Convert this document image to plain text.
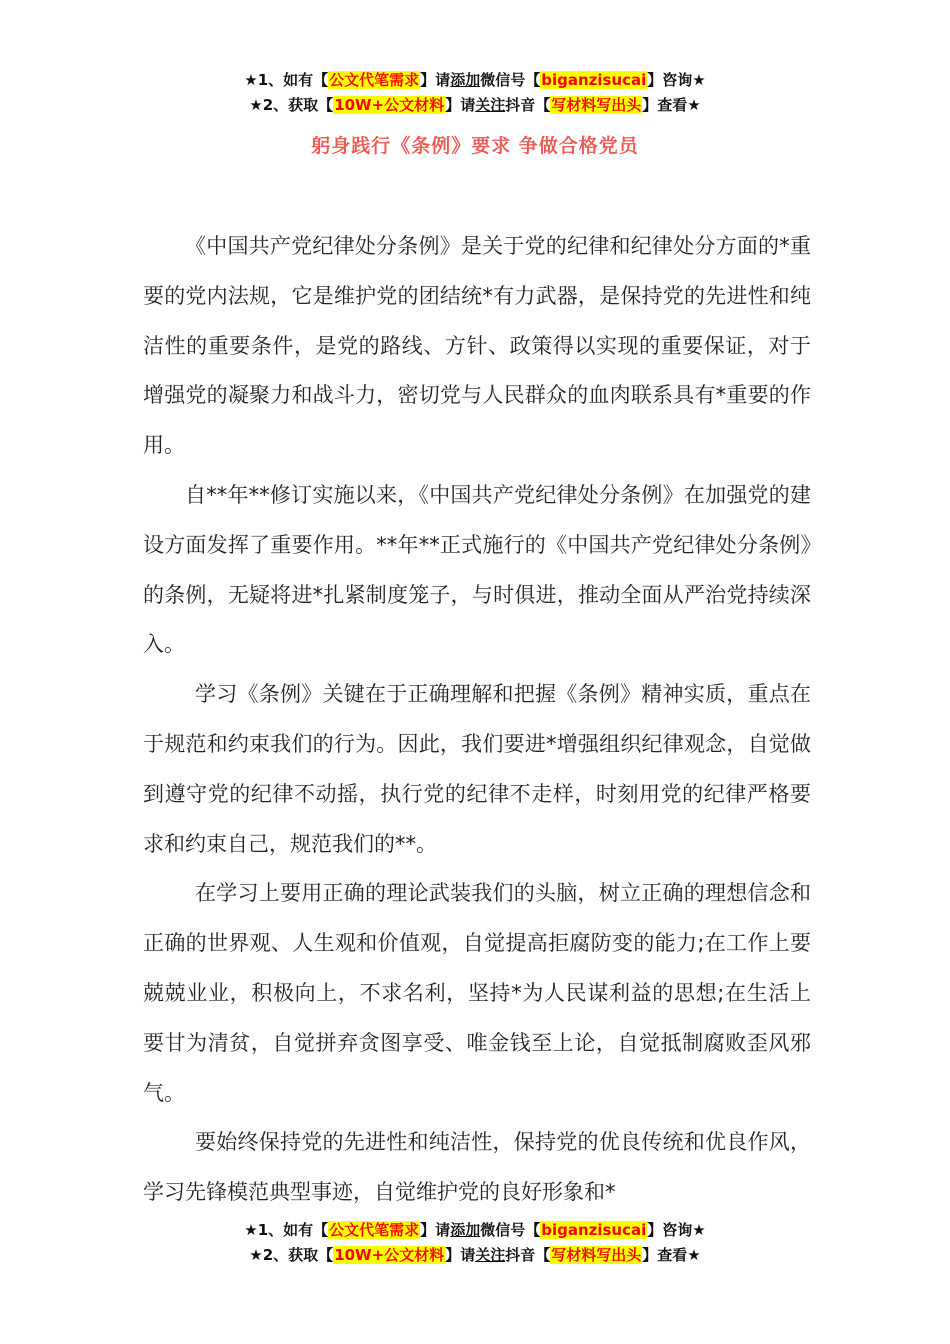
★1、如有【公文代笔需求】请添加微信号【biganzisucai】咨询★
★2、获取【10W+公文材料】请关注抖音【写材料写出头】查看★
躬身践行《条例》要求 争做合格党员

《中国共产党纪律处分条例》是关于党的纪律和纪律处分方面的*重要的党内法规，它是维护党的团结统*有力武器，是保持党的先进性和纯洁性的重要条件，是党的路线、方针、政策得以实现的重要保证，对于增强党的凝聚力和战斗力，密切党与人民群众的血肉联系具有*重要的作用。

自**年**修订实施以来，《中国共产党纪律处分条例》在加强党的建设方面发挥了重要作用。**年**正式施行的《中国共产党纪律处分条例》的条例，无疑将进*扎紧制度笼子，与时俱进，推动全面从严治党持续深入。

学习《条例》关键在于正确理解和把握《条例》精神实质，重点在于规范和约束我们的行为。因此，我们要进*增强组织纪律观念，自觉做到遵守党的纪律不动摇，执行党的纪律不走样，时刻用党的纪律严格要求和约束自己，规范我们的**。

在学习上要用正确的理论武装我们的头脑，树立正确的理想信念和正确的世界观、人生观和价值观，自觉提高拒腐防变的能力;在工作上要兢兢业业，积极向上，不求名利，坚持*为人民谋利益的思想;在生活上要甘为清贫，自觉拼弃贪图享受、唯金钱至上论，自觉抵制腐败歪风邪气。

要始终保持党的先进性和纯洁性，保持党的优良传统和优良作风，学习先锋模范典型事迹，自觉维护党的良好形象和*

★1、如有【公文代笔需求】请添加微信号【biganzisucai】咨询★
★2、获取【10W+公文材料】请关注抖音【写材料写出头】查看★
